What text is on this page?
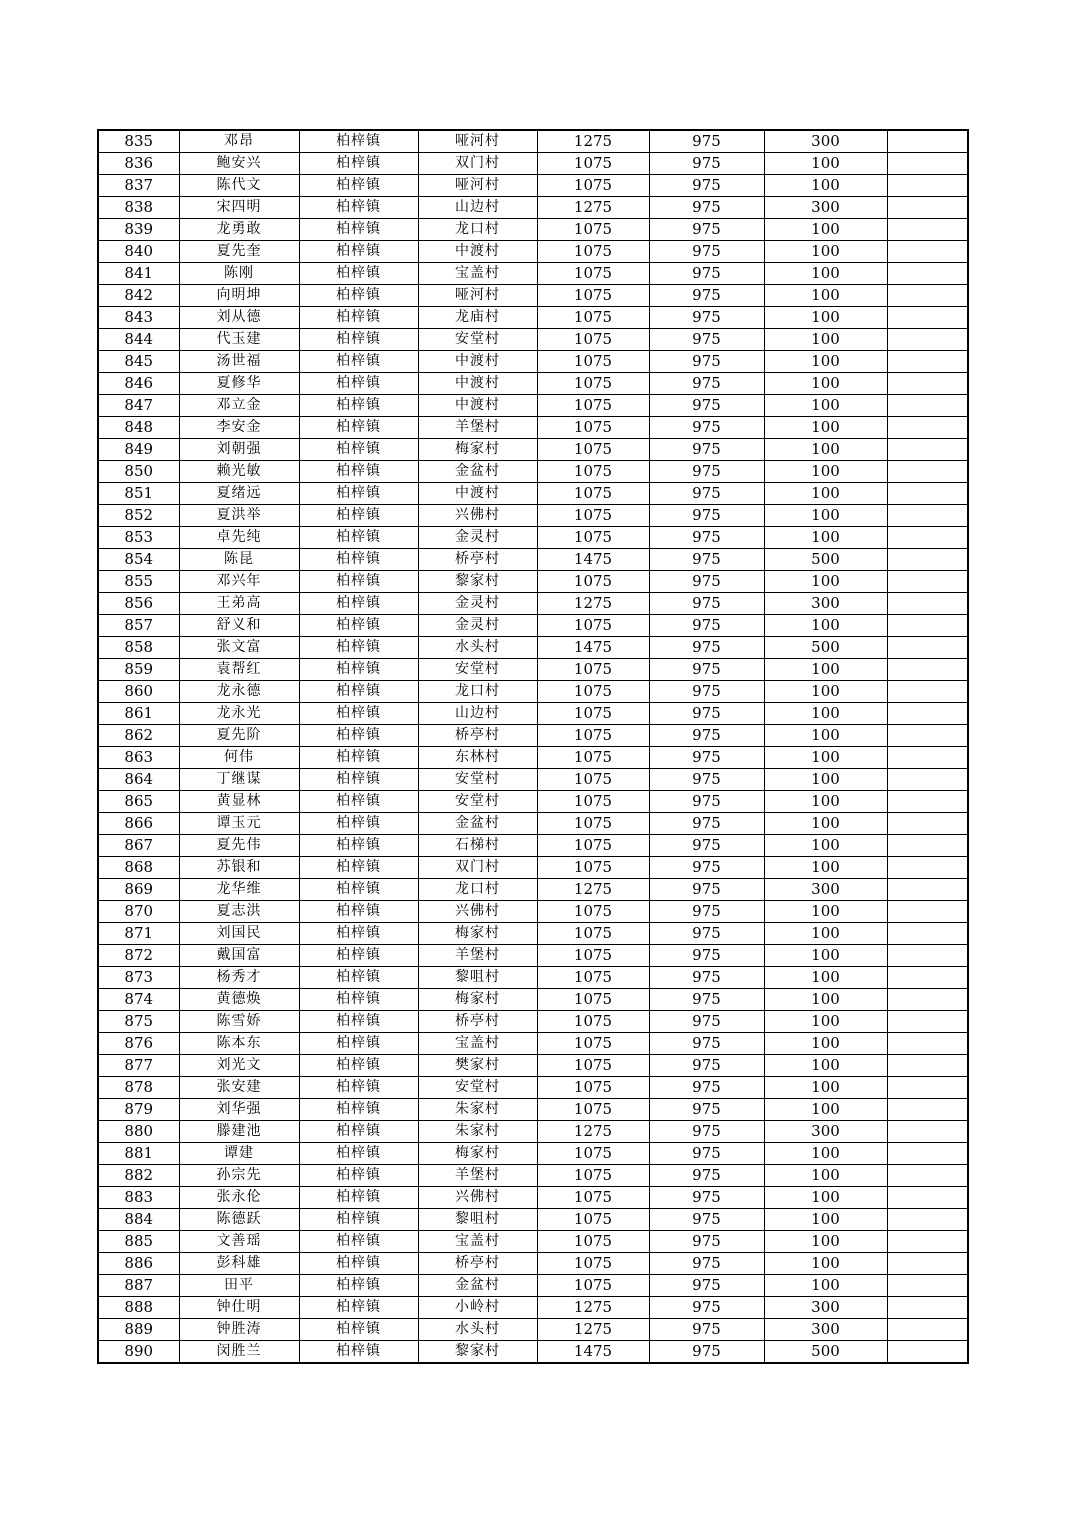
835	邓昂	柏梓镇	哑河村	1275	975	300	
836	鲍安兴	柏梓镇	双门村	1075	975	100	
837	陈代文	柏梓镇	哑河村	1075	975	100	
838	宋四明	柏梓镇	山边村	1275	975	300	
839	龙勇敢	柏梓镇	龙口村	1075	975	100	
840	夏先奎	柏梓镇	中渡村	1075	975	100	
841	陈刚	柏梓镇	宝盖村	1075	975	100	
842	向明坤	柏梓镇	哑河村	1075	975	100	
843	刘从德	柏梓镇	龙庙村	1075	975	100	
844	代玉建	柏梓镇	安堂村	1075	975	100	
845	汤世福	柏梓镇	中渡村	1075	975	100	
846	夏修华	柏梓镇	中渡村	1075	975	100	
847	邓立金	柏梓镇	中渡村	1075	975	100	
848	李安金	柏梓镇	羊堡村	1075	975	100	
849	刘朝强	柏梓镇	梅家村	1075	975	100	
850	赖光敏	柏梓镇	金盆村	1075	975	100	
851	夏绪远	柏梓镇	中渡村	1075	975	100	
852	夏洪举	柏梓镇	兴佛村	1075	975	100	
853	卓先纯	柏梓镇	金灵村	1075	975	100	
854	陈昆	柏梓镇	桥亭村	1475	975	500	
855	邓兴年	柏梓镇	黎家村	1075	975	100	
856	王弟高	柏梓镇	金灵村	1275	975	300	
857	舒义和	柏梓镇	金灵村	1075	975	100	
858	张文富	柏梓镇	水头村	1475	975	500	
859	袁帮红	柏梓镇	安堂村	1075	975	100	
860	龙永德	柏梓镇	龙口村	1075	975	100	
861	龙永光	柏梓镇	山边村	1075	975	100	
862	夏先阶	柏梓镇	桥亭村	1075	975	100	
863	何伟	柏梓镇	东林村	1075	975	100	
864	丁继谋	柏梓镇	安堂村	1075	975	100	
865	黄显林	柏梓镇	安堂村	1075	975	100	
866	谭玉元	柏梓镇	金盆村	1075	975	100	
867	夏先伟	柏梓镇	石梯村	1075	975	100	
868	苏银和	柏梓镇	双门村	1075	975	100	
869	龙华维	柏梓镇	龙口村	1275	975	300	
870	夏志洪	柏梓镇	兴佛村	1075	975	100	
871	刘国民	柏梓镇	梅家村	1075	975	100	
872	戴国富	柏梓镇	羊堡村	1075	975	100	
873	杨秀才	柏梓镇	黎咀村	1075	975	100	
874	黄德焕	柏梓镇	梅家村	1075	975	100	
875	陈雪娇	柏梓镇	桥亭村	1075	975	100	
876	陈本东	柏梓镇	宝盖村	1075	975	100	
877	刘光文	柏梓镇	樊家村	1075	975	100	
878	张安建	柏梓镇	安堂村	1075	975	100	
879	刘华强	柏梓镇	朱家村	1075	975	100	
880	滕建池	柏梓镇	朱家村	1275	975	300	
881	谭建	柏梓镇	梅家村	1075	975	100	
882	孙宗先	柏梓镇	羊堡村	1075	975	100	
883	张永伦	柏梓镇	兴佛村	1075	975	100	
884	陈德跃	柏梓镇	黎咀村	1075	975	100	
885	文善瑶	柏梓镇	宝盖村	1075	975	100	
886	彭科雄	柏梓镇	桥亭村	1075	975	100	
887	田平	柏梓镇	金盆村	1075	975	100	
888	钟仕明	柏梓镇	小岭村	1275	975	300	
889	钟胜涛	柏梓镇	水头村	1275	975	300	
890	闵胜兰	柏梓镇	黎家村	1475	975	500	
